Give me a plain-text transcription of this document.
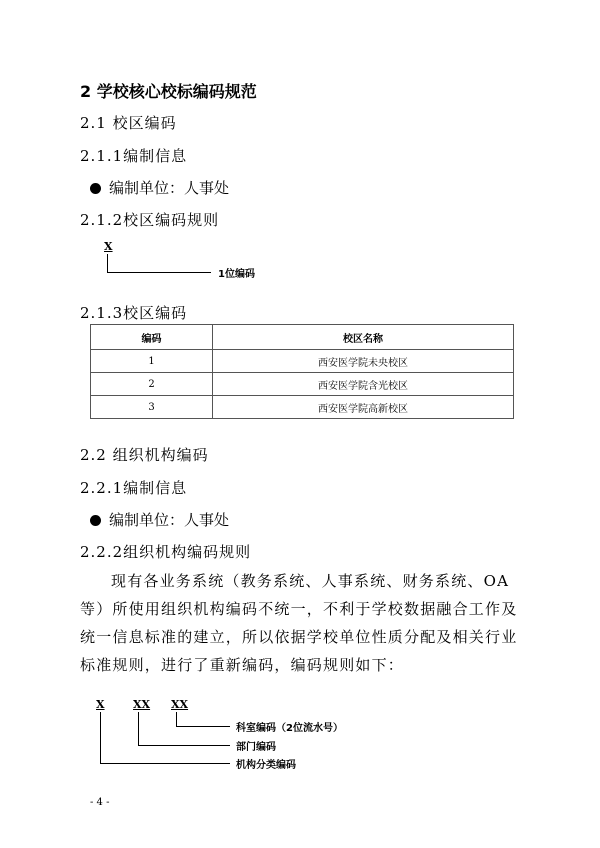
2 学校核心校标编码规范
2.1 校区编码
2.1.1编制信息
编制单位：人事处
2.1.2校区编码规则
X
1位编码
2.1.3校区编码
编码	校区名称
1	西安医学院未央校区
2	西安医学院含光校区
3	西安医学院高新校区
2.2 组织机构编码
2.2.1编制信息
编制单位：人事处
2.2.2组织机构编码规则
现有各业务系统（教务系统、人事系统、财务系统、OA 等）所使用组织机构编码不统一，不利于学校数据融合工作及统一信息标准的建立，所以依据学校单位性质分配及相关行业标准规则，进行了重新编码，编码规则如下：
X	XX XX
科室编码（2位流水号）
部门编码
机构分类编码
- 4 -
